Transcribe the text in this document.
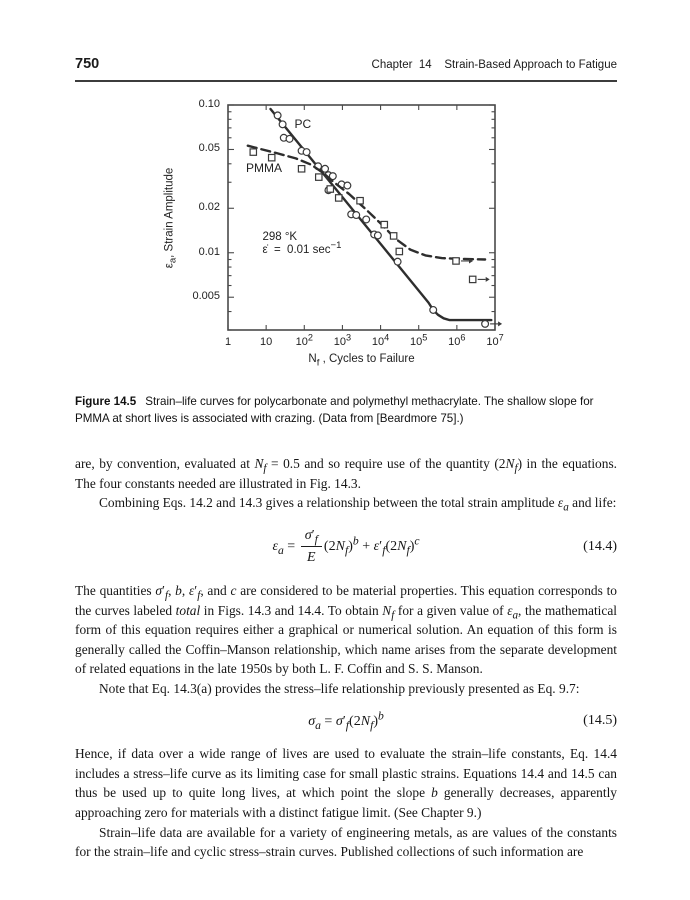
750	Chapter  14    Strain-Based Approach to Fatigue
1	10	$10^2$	$10^3$	$10^4$	$10^5$	$10^6$	$10^7$
0.10
0.05
0.02
0.01
0.005
$N_f$ , Cycles to Failure
$\varepsilon_a$, Strain Amplitude	298 °K
ε̇  =  0.01 $\sec^{-1}$
PC
PMMA
Figure 14.5 Strain–life curves for polycarbonate and polymethyl methacrylate. The shallow slope for PMMA at short lives is associated with crazing. (Data from [Beardmore 75].)

are, by convention, evaluated at $N_f = 0.5$ and so require use of the quantity $(2N_f)$ in the equations. The four constants needed are illustrated in Fig. 14.3.

Combining Eqs. 14.2 and 14.3 gives a relationship between the total strain amplitude $\varepsilon_a$ and life:

$\varepsilon_a = \frac{\sigma'_f}{E} (2N_f)^b + \varepsilon'_f(2N_f)^c$	(14.4)

The quantities $\sigma'_f$, b, $\varepsilon'_f$, and c are considered to be material properties. This equation corresponds to the curves labeled total in Figs. 14.3 and 14.4. To obtain $N_f$ for a given value of $\varepsilon_a$, the mathematical form of this equation requires either a graphical or numerical solution. An equation of this form is generally called the Coffin–Manson relationship, which name arises from the separate development of related equations in the late 1950s by both L. F. Coffin and S. S. Manson.

Note that Eq. 14.3(a) provides the stress–life relationship previously presented as Eq. 9.7:

$\sigma_a = \sigma'_f(2N_f)^b$	(14.5)

Hence, if data over a wide range of lives are used to evaluate the strain–life constants, Eq. 14.4 includes a stress–life curve as its limiting case for small plastic strains. Equations 14.4 and 14.5 can thus be used up to quite long lives, at which point the slope b generally decreases, apparently approaching zero for materials with a distinct fatigue limit. (See Chapter 9.)

Strain–life data are available for a variety of engineering metals, as are values of the constants for the strain–life and cyclic stress–strain curves. Published collections of such information are
